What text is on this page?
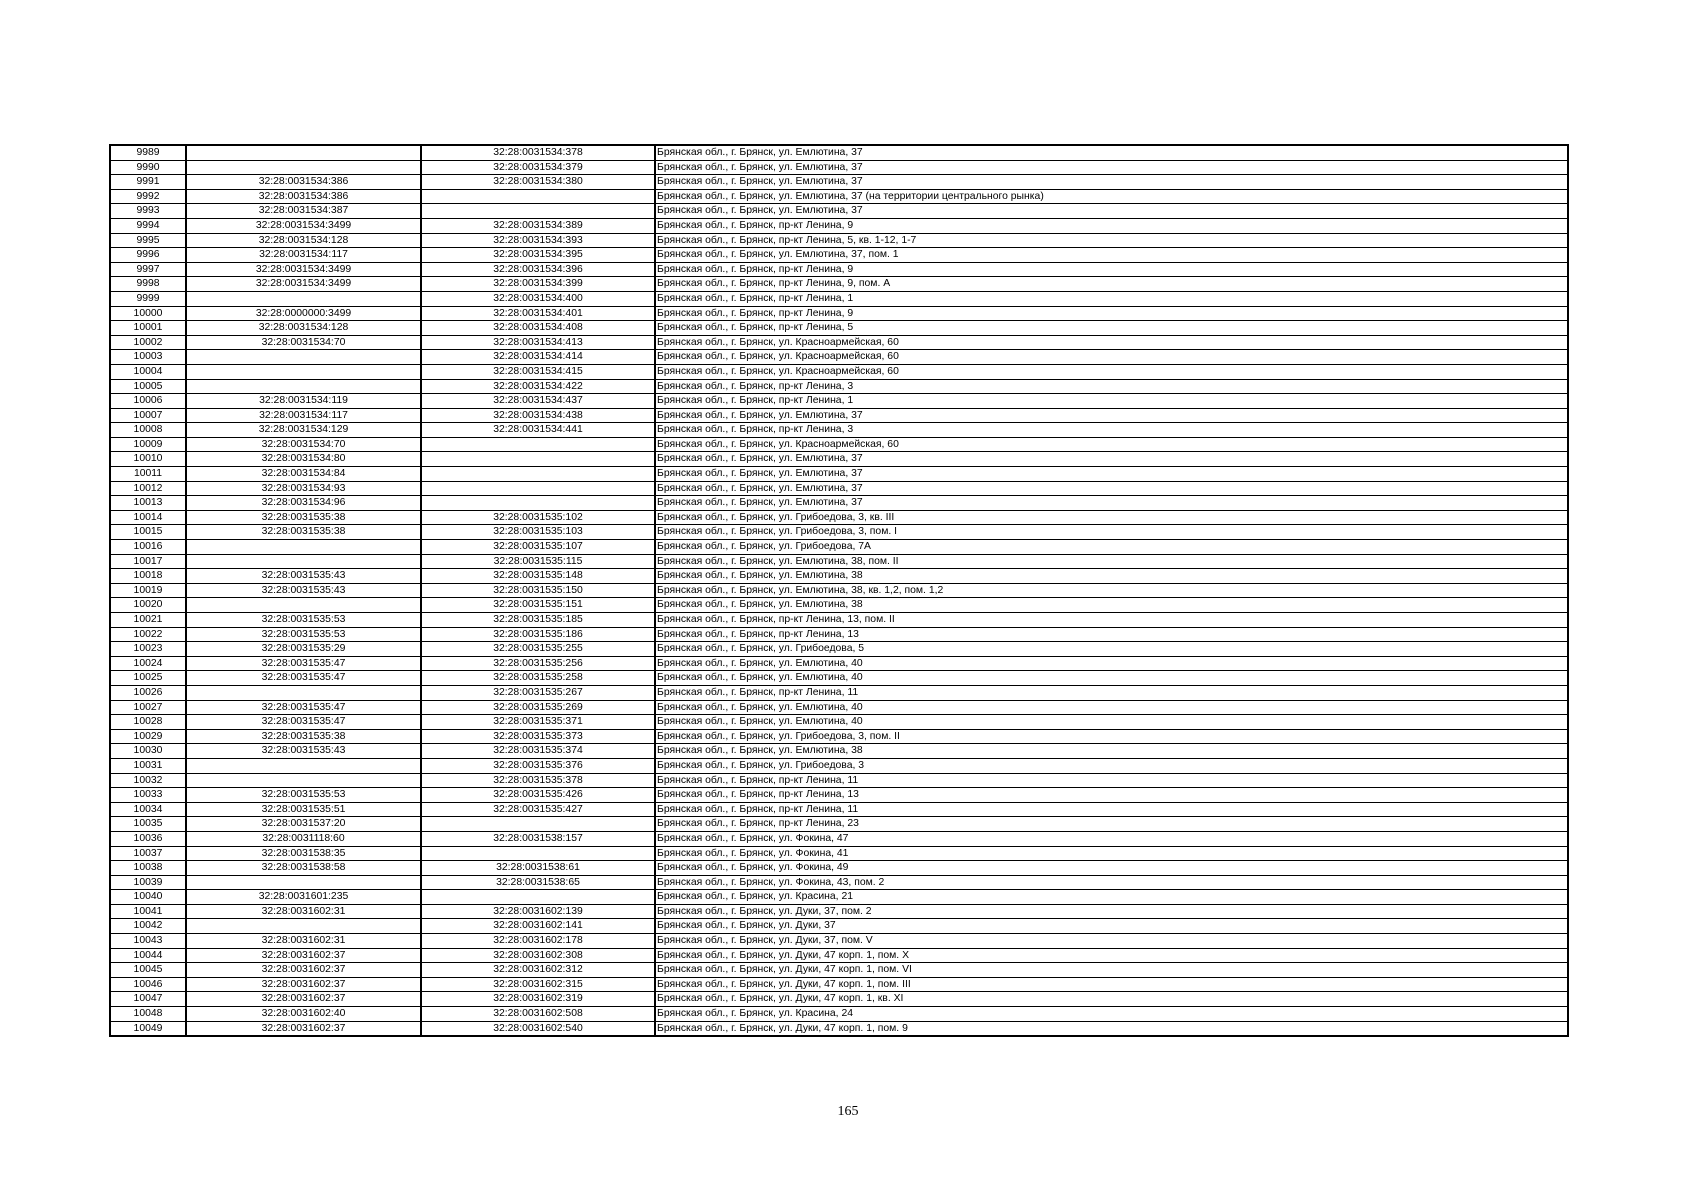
9989		32:28:0031534:378	Брянская обл., г. Брянск, ул. Емлютина, 37
9990		32:28:0031534:379	Брянская обл., г. Брянск, ул. Емлютина, 37
9991	32:28:0031534:386	32:28:0031534:380	Брянская обл., г. Брянск, ул. Емлютина, 37
9992	32:28:0031534:386		Брянская обл., г. Брянск, ул. Емлютина, 37 (на территории центрального рынка)
9993	32:28:0031534:387		Брянская обл., г. Брянск, ул. Емлютина, 37
9994	32:28:0031534:3499	32:28:0031534:389	Брянская обл., г. Брянск, пр-кт Ленина, 9
9995	32:28:0031534:128	32:28:0031534:393	Брянская обл., г. Брянск, пр-кт Ленина, 5, кв. 1-12, 1-7
9996	32:28:0031534:117	32:28:0031534:395	Брянская обл., г. Брянск, ул. Емлютина, 37, пом. 1
9997	32:28:0031534:3499	32:28:0031534:396	Брянская обл., г. Брянск, пр-кт Ленина, 9
9998	32:28:0031534:3499	32:28:0031534:399	Брянская обл., г. Брянск, пр-кт Ленина, 9, пом. А
9999		32:28:0031534:400	Брянская обл., г. Брянск, пр-кт Ленина, 1
10000	32:28:0000000:3499	32:28:0031534:401	Брянская обл., г. Брянск, пр-кт Ленина, 9
10001	32:28:0031534:128	32:28:0031534:408	Брянская обл., г. Брянск, пр-кт Ленина, 5
10002	32:28:0031534:70	32:28:0031534:413	Брянская обл., г. Брянск, ул. Красноармейская, 60
10003		32:28:0031534:414	Брянская обл., г. Брянск, ул. Красноармейская, 60
10004		32:28:0031534:415	Брянская обл., г. Брянск, ул. Красноармейская, 60
10005		32:28:0031534:422	Брянская обл., г. Брянск, пр-кт Ленина, 3
10006	32:28:0031534:119	32:28:0031534:437	Брянская обл., г. Брянск, пр-кт Ленина, 1
10007	32:28:0031534:117	32:28:0031534:438	Брянская обл., г. Брянск, ул. Емлютина, 37
10008	32:28:0031534:129	32:28:0031534:441	Брянская обл., г. Брянск, пр-кт Ленина, 3
10009	32:28:0031534:70		Брянская обл., г. Брянск, ул. Красноармейская, 60
10010	32:28:0031534:80		Брянская обл., г. Брянск, ул. Емлютина, 37
10011	32:28:0031534:84		Брянская обл., г. Брянск, ул. Емлютина, 37
10012	32:28:0031534:93		Брянская обл., г. Брянск, ул. Емлютина, 37
10013	32:28:0031534:96		Брянская обл., г. Брянск, ул. Емлютина, 37
10014	32:28:0031535:38	32:28:0031535:102	Брянская обл., г. Брянск, ул. Грибоедова, 3, кв. III
10015	32:28:0031535:38	32:28:0031535:103	Брянская обл., г. Брянск, ул. Грибоедова, 3, пом. I
10016		32:28:0031535:107	Брянская обл., г. Брянск, ул. Грибоедова, 7А
10017		32:28:0031535:115	Брянская обл., г. Брянск, ул. Емлютина, 38, пом. II
10018	32:28:0031535:43	32:28:0031535:148	Брянская обл., г. Брянск, ул. Емлютина, 38
10019	32:28:0031535:43	32:28:0031535:150	Брянская обл., г. Брянск, ул. Емлютина, 38, кв. 1,2, пом. 1,2
10020		32:28:0031535:151	Брянская обл., г. Брянск, ул. Емлютина, 38
10021	32:28:0031535:53	32:28:0031535:185	Брянская обл., г. Брянск, пр-кт Ленина, 13, пом. II
10022	32:28:0031535:53	32:28:0031535:186	Брянская обл., г. Брянск, пр-кт Ленина, 13
10023	32:28:0031535:29	32:28:0031535:255	Брянская обл., г. Брянск, ул. Грибоедова, 5
10024	32:28:0031535:47	32:28:0031535:256	Брянская обл., г. Брянск, ул. Емлютина, 40
10025	32:28:0031535:47	32:28:0031535:258	Брянская обл., г. Брянск, ул. Емлютина, 40
10026		32:28:0031535:267	Брянская обл., г. Брянск, пр-кт Ленина, 11
10027	32:28:0031535:47	32:28:0031535:269	Брянская обл., г. Брянск, ул. Емлютина, 40
10028	32:28:0031535:47	32:28:0031535:371	Брянская обл., г. Брянск, ул. Емлютина, 40
10029	32:28:0031535:38	32:28:0031535:373	Брянская обл., г. Брянск, ул. Грибоедова, 3, пом. II
10030	32:28:0031535:43	32:28:0031535:374	Брянская обл., г. Брянск, ул. Емлютина, 38
10031		32:28:0031535:376	Брянская обл., г. Брянск, ул. Грибоедова, 3
10032		32:28:0031535:378	Брянская обл., г. Брянск, пр-кт Ленина, 11
10033	32:28:0031535:53	32:28:0031535:426	Брянская обл., г. Брянск, пр-кт Ленина, 13
10034	32:28:0031535:51	32:28:0031535:427	Брянская обл., г. Брянск, пр-кт Ленина, 11
10035	32:28:0031537:20		Брянская обл., г. Брянск, пр-кт Ленина, 23
10036	32:28:0031118:60	32:28:0031538:157	Брянская обл., г. Брянск, ул. Фокина, 47
10037	32:28:0031538:35		Брянская обл., г. Брянск, ул. Фокина, 41
10038	32:28:0031538:58	32:28:0031538:61	Брянская обл., г. Брянск, ул. Фокина, 49
10039		32:28:0031538:65	Брянская обл., г. Брянск, ул. Фокина, 43, пом. 2
10040	32:28:0031601:235		Брянская обл., г. Брянск, ул. Красина, 21
10041	32:28:0031602:31	32:28:0031602:139	Брянская обл., г. Брянск, ул. Дуки, 37, пом. 2
10042		32:28:0031602:141	Брянская обл., г. Брянск, ул. Дуки, 37
10043	32:28:0031602:31	32:28:0031602:178	Брянская обл., г. Брянск, ул. Дуки, 37, пом. V
10044	32:28:0031602:37	32:28:0031602:308	Брянская обл., г. Брянск, ул. Дуки, 47 корп. 1, пом. X
10045	32:28:0031602:37	32:28:0031602:312	Брянская обл., г. Брянск, ул. Дуки, 47 корп. 1, пом. VI
10046	32:28:0031602:37	32:28:0031602:315	Брянская обл., г. Брянск, ул. Дуки, 47 корп. 1, пом. III
10047	32:28:0031602:37	32:28:0031602:319	Брянская обл., г. Брянск, ул. Дуки, 47 корп. 1, кв. XI
10048	32:28:0031602:40	32:28:0031602:508	Брянская обл., г. Брянск, ул. Красина, 24
10049	32:28:0031602:37	32:28:0031602:540	Брянская обл., г. Брянск, ул. Дуки, 47 корп. 1, пом. 9
165
